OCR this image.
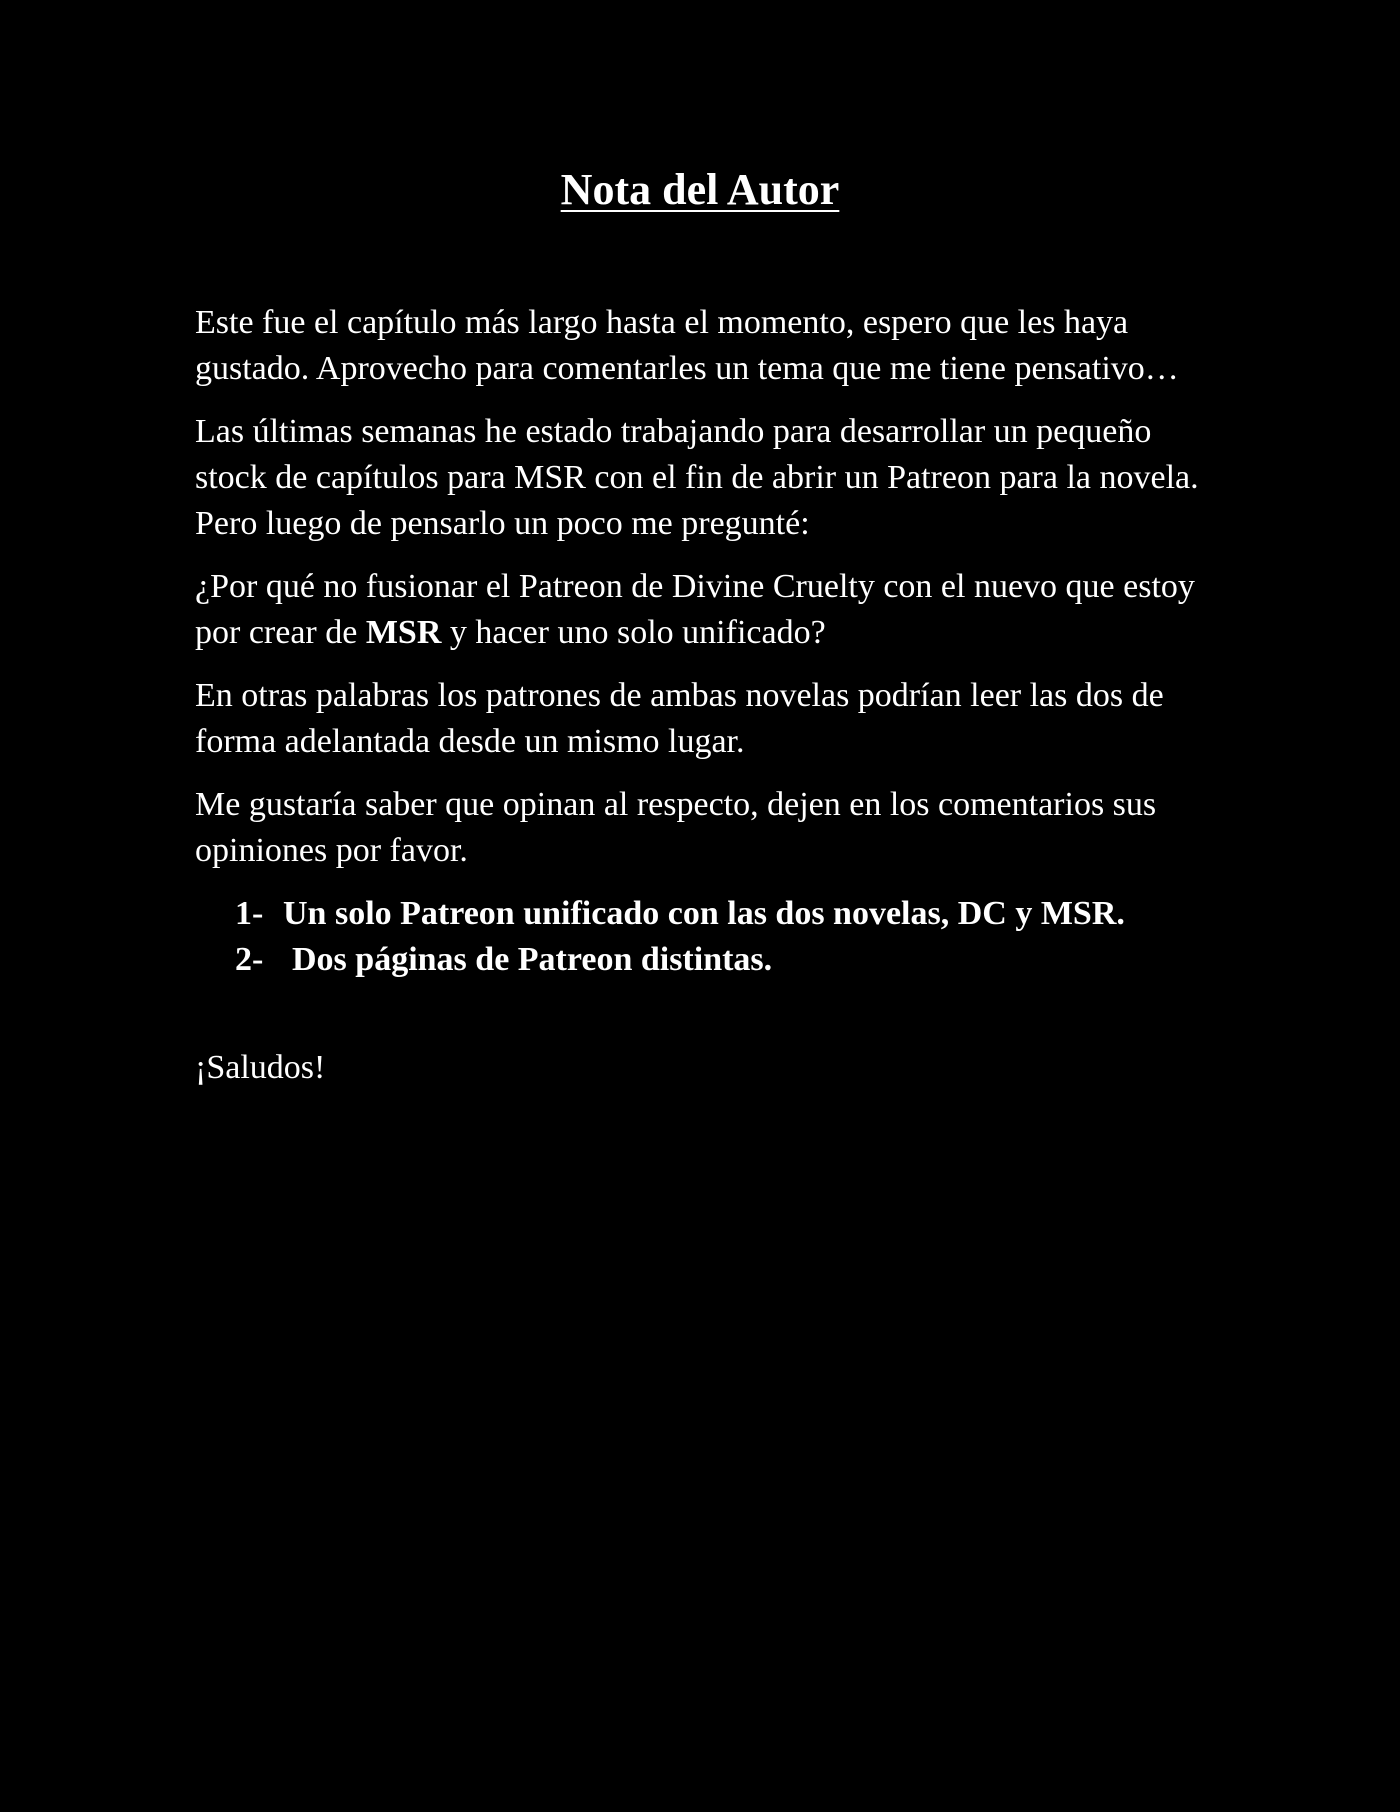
Nota del Autor

Este fue el capítulo más largo hasta el momento, espero que les haya gustado. Aprovecho para comentarles un tema que me tiene pensativo…

Las últimas semanas he estado trabajando para desarrollar un pequeño stock de capítulos para MSR con el fin de abrir un Patreon para la novela. Pero luego de pensarlo un poco me pregunté:

¿Por qué no fusionar el Patreon de Divine Cruelty con el nuevo que estoy por crear de MSR y hacer uno solo unificado?

En otras palabras los patrones de ambas novelas podrían leer las dos de forma adelantada desde un mismo lugar.

Me gustaría saber que opinan al respecto, dejen en los comentarios sus opiniones por favor.

1- Un solo Patreon unificado con las dos novelas, DC y MSR.
2- Dos páginas de Patreon distintas.

¡Saludos!
